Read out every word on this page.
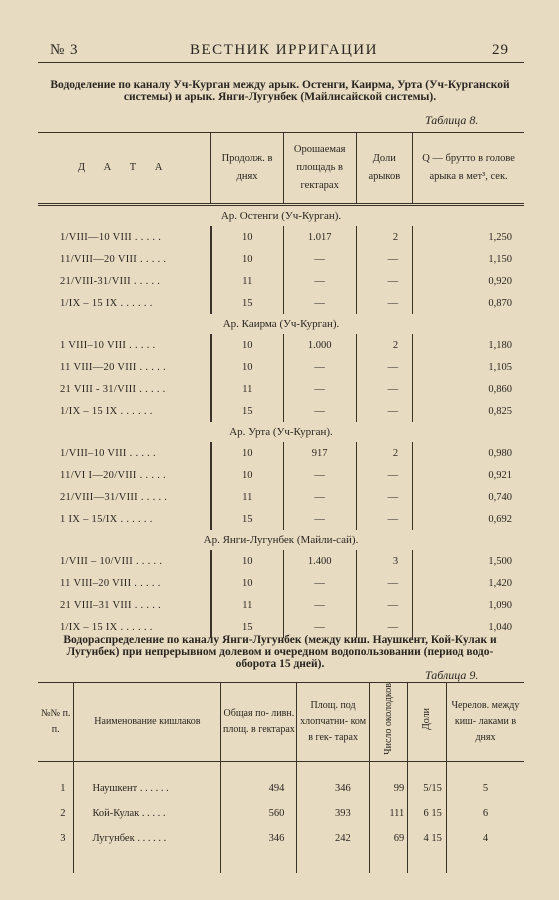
№ 3	ВЕСТНИК ИРРИГАЦИИ	29
Вододеление по каналу Уч-Курган между арык. Остенги, Каирма, Урта (Уч-Курганской
системы) и арык. Янги-Лугунбек (Майлисайской системы).
Таблица 8.
Д А Т А	Продолж. в днях	Орошаемая площадь в гектарах	Доли арыков	Q — брутто в голове арыка в мет³, сек.
Ар. Остенги (Уч-Курган).				
1/VIII—10 VIII . . . . .	10	1.017	2	1,250
11/VIII—20 VIII . . . . .	10	—	—	1,150
21/VIII-31/VIII . . . . .	11	—	—	0,920
1/IX – 15 IX . . . . . .	15	—	—	0,870
Ар. Каирма (Уч-Курган).				
1 VIII–10 VIII . . . . .	10	1.000	2	1,180
11 VIII—20 VIII . . . . .	10	—	—	1,105
21 VIII - 31/VIII . . . . .	11	—	—	0,860
1/IX – 15 IX . . . . . .	15	—	—	0,825
Ар. Урта (Уч-Курган).				
1/VIII–10 VIII . . . . .	10	917	2	0,980
11/VI I—20/VIII . . . . .	10	—	—	0,921
21/VIII—31/VIII . . . . .	11	—	—	0,740
1 IX – 15/IX . . . . . .	15	—	—	0,692
Ар. Янги-Лугунбек (Майли-сай).				
1/VIII – 10/VIII . . . . .	10	1.400	3	1,500
11 VIII–20 VIII . . . . .	10	—	—	1,420
21 VIII–31 VIII . . . . .	11	—	—	1,090
1/IX – 15 IX . . . . . .	15	—	—	1,040
Водораспределение по каналу Янги-Лугунбек (между киш. Наушкент, Кой-Кулак и
Лугунбек) при непрерывном долевом и очередном водопользовании (период водо-
оборота 15 дней).
Таблица 9.
№№ п. п.	Наименование кишлаков	Общая по- ливн. площ. в гектарах	Площ. под хлопчатни- ком в гек- тарах	Число околодков	Доли	Черелов. между киш- лаками в днях

1	Наушкент . . . . . .	494	346	99	5/15	5
2	Кой-Кулак . . . . .	560	393	111	6 15	6
3	Лугунбек . . . . . .	346	242	69	4 15	4
